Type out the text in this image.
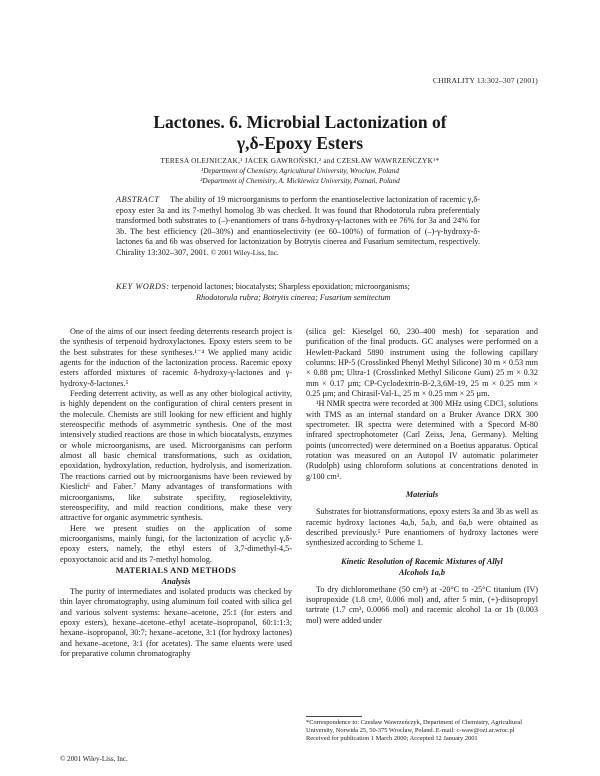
CHIRALITY 13:302–307 (2001)
Lactones. 6. Microbial Lactonization of
γ,δ-Epoxy Esters
TERESA OLEJNICZAK,¹ JACEK GAWROŃSKI,² and CZESŁAW WAWRZEŃCZYK¹*
¹Department of Chemistry, Agricultural University, Wrocław, Poland
²Department of Chemistry, A. Mickiewicz University, Poznań, Poland

ABSTRACT The ability of 19 microorganisms to perform the enantioselective lactonization of racemic γ,δ-epoxy ester 3a and its 7-methyl homolog 3b was checked. It was found that Rhodotorula rubra preferentialy transformed both substrates to (–)-enantiomers of trans δ-hydroxy-γ-lactones with ee 76% for 3a and 24% for 3b. The best efficiency (20–30%) and enantioselectivity (ee 60–100%) of formation of (–)-γ-hydroxy-δ-lactones 6a and 6b was observed for lactonization by Botrytis cinerea and Fusarium semitectum, respectively. Chirality 13:302–307, 2001. © 2001 Wiley-Liss, Inc.

KEY WORDS: terpenoid lactones; biocatalysts; Sharpless epoxidation; microorganisms;

Rhodotorula rubra; Botrytis cinerea; Fusarium semitectum

One of the aims of our insect feeding deterrents research project is the synthesis of terpenoid hydroxylactones. Epoxy esters seem to be the best substrates for these syntheses.¹⁻⁴ We applied many acidic agents for the induction of the lactonization process. Racemic epoxy esters afforded mixtures of racemic δ-hydroxy-γ-lactones and γ-hydroxy-δ-lactones.⁵

Feeding deterrent activity, as well as any other biological activity, is highly dependent on the configuration of chiral centers present in the molecule. Chemists are still looking for new efficient and highly stereospecific methods of asymmetric synthesis. One of the most intensively studied reactions are those in which biocatalysts, enzymes or whole microorganisms, are used. Microorganisms can perform almost all basic chemical transformations, such as oxidation, epoxidation, hydroxylation, reduction, hydrolysis, and isomerization. The reactions carried out by microorganisms have been reviewed by Kieslich⁶ and Faber.⁷ Many advantages of transformations with microorganisms, like substrate specifity, regioselektivity, stereospecifity, and mild reaction conditions, make these very attractive for organic asymmetric synthesis.

Here we present studies on the application of some microorganisms, mainly fungi, for the lactonization of acyclic γ,δ-epoxy esters, namely, the ethyl esters of 3,7-dimethyl-4,5-epoxyoctanoic acid and its 7-methyl homolog.

MATERIALS AND METHODS
Analysis

The purity of intermediates and isolated products was checked by thin layer chromatography, using aluminum foil coated with silica gel and various solvent systems: hexane–acetone, 25:1 (for esters and epoxy esters), hexane–acetone–ethyl acetate–isopropanol, 60:1:1:3; hexane–isopropanol, 30:7; hexane–acetone, 3:1 (for hydroxy lactones) and hexane–acetone, 3:1 (for acetates). The same eluents were used for preparative column chromatography

© 2001 Wiley-Liss, Inc.

(silica gel: Kieselgel 60, 230–400 mesh) for separation and purification of the final products. GC analyses were performed on a Hewlett-Packard 5890 instrument using the following capillary columns: HP-5 (Crosslinked Phenyl Methyl Silicone) 30 m × 0.53 mm × 0.88 µm; Ultra-1 (Crosslinked Methyl Silicone Gum) 25 m × 0.32 mm × 0.17 µm; CP-Cyclodextrin-B-2,3,6M-19, 25 m × 0.25 mm × 0.25 µm; and Chirasil-Val-L, 25 m × 0.25 mm × 25 µm.

¹H NMR spectra were recorded at 300 MHz using CDCl₃ solutions with TMS as an internal standard on a Bruker Avance DRX 300 spectrometer. IR spectra were determined with a Specord M-80 infrared spectrophotometer (Carl Zeiss, Jena, Germany). Melting points (uncorrected) were determined on a Boetius apparatus. Optical rotation was measured on an Autopol IV automatic polarimeter (Rudolph) using chloroform solutions at concentrations denoted in g/100 cm³.

Materials

Substrates for biotransformations, epoxy esters 3a and 3b as well as racemic hydroxy lactones 4a,b, 5a,b, and 6a,b were obtained as described previously.⁵ Pure enantiomers of hydroxy lactones were synthesized according to Scheme 1.

Kinetic Resolution of Racemic Mixtures of Allyl
Alcohols 1a,b

To dry dichloromethane (50 cm³) at -20°C to -25°C titanium (IV) isopropoxide (1.8 cm³, 0.006 mol) and, after 5 min, (+)-diisopropyl tartrate (1.7 cm³, 0.0066 mol) and racemic alcohol 1a or 1b (0.003 mol) were added under

*Correspondence to: Czesław Wawrzeńczyk, Department of Chemistry, Agricultural University, Norwida 25, 50-375 Wrocław, Poland. E-mail: c-waw@ozi.ar.wroc.pl

Received for publication 1 March 2000; Accepted 12 January 2001
